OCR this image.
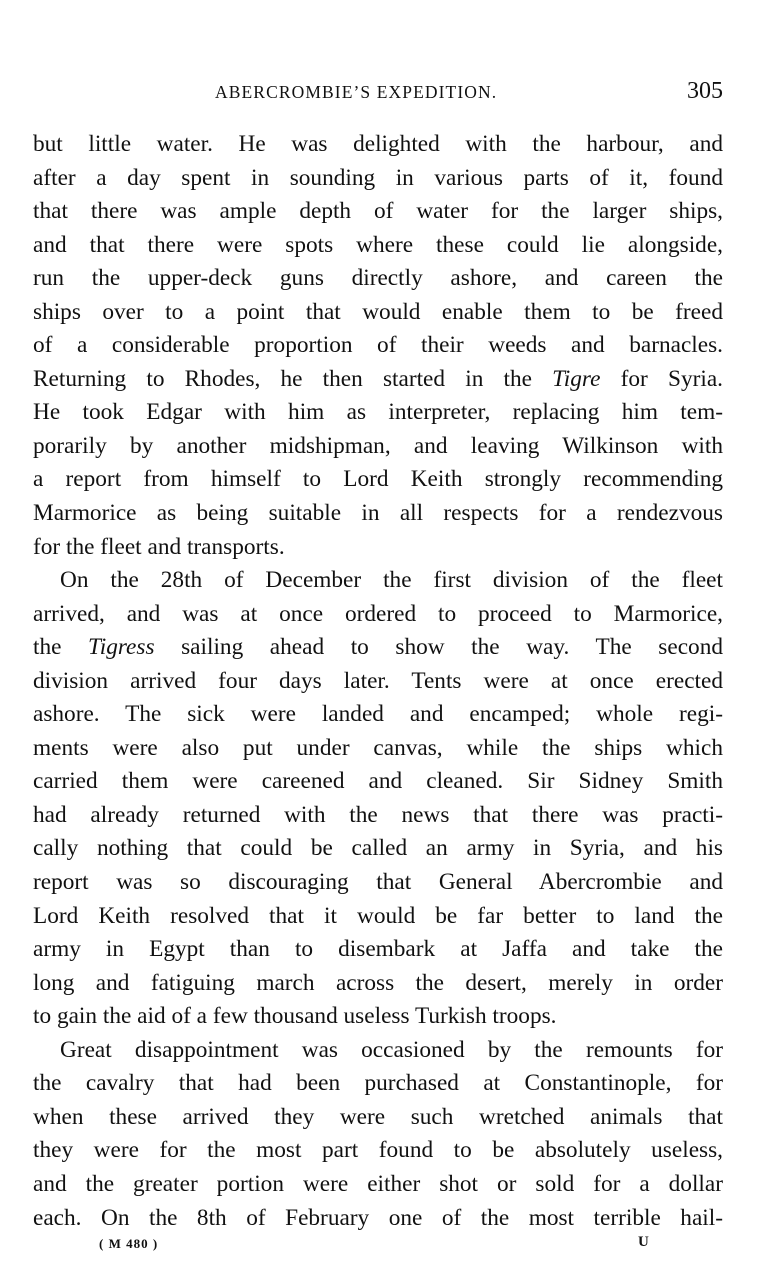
ABERCROMBIE’S EXPEDITION.	305
but little water. He was delighted with the harbour, and
after a day spent in sounding in various parts of it, found
that there was ample depth of water for the larger ships,
and that there were spots where these could lie alongside,
run the upper-deck guns directly ashore, and careen the
ships over to a point that would enable them to be freed
of a considerable proportion of their weeds and barnacles.
Returning to Rhodes, he then started in the Tigre for Syria.
He took Edgar with him as interpreter, replacing him tem-
porarily by another midshipman, and leaving Wilkinson with
a report from himself to Lord Keith strongly recommending
Marmorice as being suitable in all respects for a rendezvous
for the fleet and transports.
On the 28th of December the first division of the fleet
arrived, and was at once ordered to proceed to Marmorice,
the Tigress sailing ahead to show the way. The second
division arrived four days later. Tents were at once erected
ashore. The sick were landed and encamped; whole regi-
ments were also put under canvas, while the ships which
carried them were careened and cleaned. Sir Sidney Smith
had already returned with the news that there was practi-
cally nothing that could be called an army in Syria, and his
report was so discouraging that General Abercrombie and
Lord Keith resolved that it would be far better to land the
army in Egypt than to disembark at Jaffa and take the
long and fatiguing march across the desert, merely in order
to gain the aid of a few thousand useless Turkish troops.
Great disappointment was occasioned by the remounts for
the cavalry that had been purchased at Constantinople, for
when these arrived they were such wretched animals that
they were for the most part found to be absolutely useless,
and the greater portion were either shot or sold for a dollar
each. On the 8th of February one of the most terrible hail-
( M 480 )	U
